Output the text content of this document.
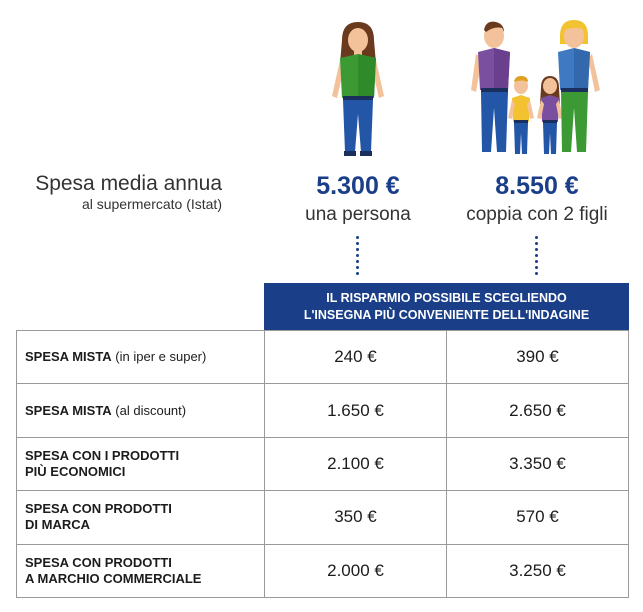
Spesa media annua
al supermercato (Istat)
5.300 €
una persona
8.550 €
coppia con 2 figli
IL RISPARMIO POSSIBILE SCEGLIENDO
L'INSEGNA PIÙ CONVENIENTE DELL'INDAGINE
SPESA MISTA (in iper e super)	240 €	390 €
SPESA MISTA (al discount)	1.650 €	2.650 €
SPESA CON I PRODOTTI
PIÙ ECONOMICI	2.100 €	3.350 €
SPESA CON PRODOTTI
DI MARCA	350 €	570 €
SPESA CON PRODOTTI
A MARCHIO COMMERCIALE	2.000 €	3.250 €
